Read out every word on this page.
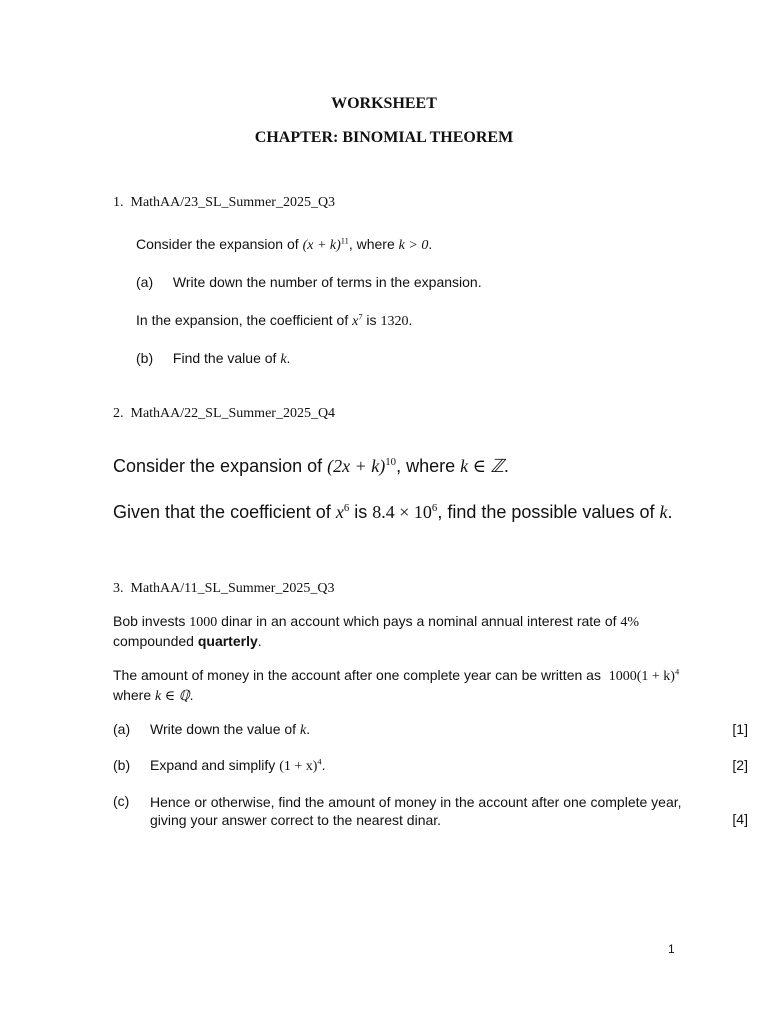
WORKSHEET
CHAPTER: BINOMIAL THEOREM
1. MathAA/23_SL_Summer_2025_Q3
Consider the expansion of $(x + k)^{11}$, where k > 0.
(a) Write down the number of terms in the expansion.
In the expansion, the coefficient of $x^7$ is 1320.
(b) Find the value of k.
2. MathAA/22_SL_Summer_2025_Q4
Consider the expansion of $(2x + k)^{10}$, where k ∈ ℤ.
Given that the coefficient of $x^6$ is $8.4 \times 10^6$, find the possible values of k.
3. MathAA/11_SL_Summer_2025_Q3
Bob invests 1000 dinar in an account which pays a nominal annual interest rate of 4%
compounded quarterly.
The amount of money in the account after one complete year can be written as $1000(1 + k)^4$
where k ∈ ℚ.
(a) Write down the value of k.	[1]
(b) Expand and simplify $(1 + x)^4$.	[2]
(c) Hence or otherwise, find the amount of money in the account after one complete year,
giving your answer correct to the nearest dinar.	[4]
1
